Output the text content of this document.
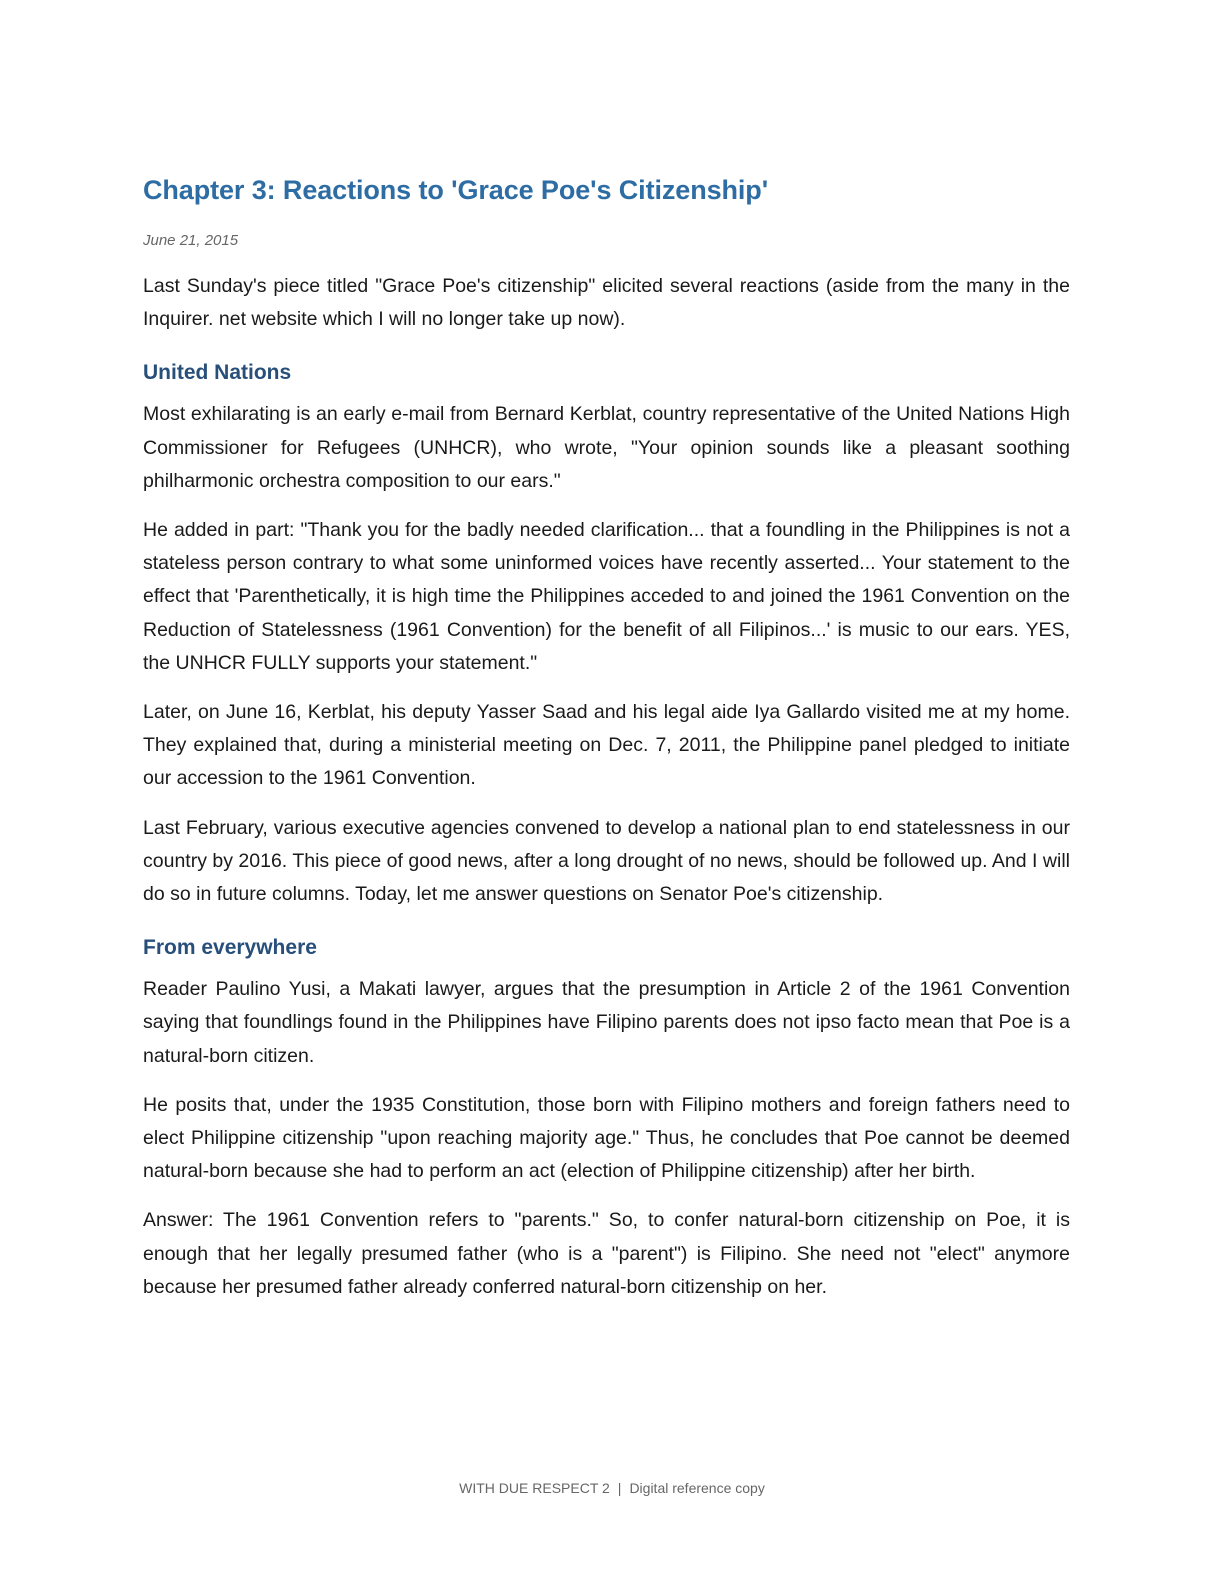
Chapter 3: Reactions to 'Grace Poe's Citizenship'
June 21, 2015

Last Sunday's piece titled "Grace Poe's citizenship" elicited several reactions (aside from the many in the Inquirer. net website which I will no longer take up now).

United Nations

Most exhilarating is an early e-mail from Bernard Kerblat, country representative of the United Nations High Commissioner for Refugees (UNHCR), who wrote, "Your opinion sounds like a pleasant soothing philharmonic orchestra composition to our ears."

He added in part: "Thank you for the badly needed clarification... that a foundling in the Philippines is not a stateless person contrary to what some uninformed voices have recently asserted... Your statement to the effect that 'Parenthetically, it is high time the Philippines acceded to and joined the 1961 Convention on the Reduction of Statelessness (1961 Convention) for the benefit of all Filipinos...' is music to our ears. YES, the UNHCR FULLY supports your statement."

Later, on June 16, Kerblat, his deputy Yasser Saad and his legal aide Iya Gallardo visited me at my home. They explained that, during a ministerial meeting on Dec. 7, 2011, the Philippine panel pledged to initiate our accession to the 1961 Convention.

Last February, various executive agencies convened to develop a national plan to end statelessness in our country by 2016. This piece of good news, after a long drought of no news, should be followed up. And I will do so in future columns. Today, let me answer questions on Senator Poe's citizenship.

From everywhere

Reader Paulino Yusi, a Makati lawyer, argues that the presumption in Article 2 of the 1961 Convention saying that foundlings found in the Philippines have Filipino parents does not ipso facto mean that Poe is a natural-born citizen.

He posits that, under the 1935 Constitution, those born with Filipino mothers and foreign fathers need to elect Philippine citizenship "upon reaching majority age." Thus, he concludes that Poe cannot be deemed natural-born because she had to perform an act (election of Philippine citizenship) after her birth.

Answer: The 1961 Convention refers to "parents." So, to confer natural-born citizenship on Poe, it is enough that her legally presumed father (who is a "parent") is Filipino. She need not "elect" anymore because her presumed father already conferred natural-born citizenship on her.

WITH DUE RESPECT 2 | Digital reference copy
